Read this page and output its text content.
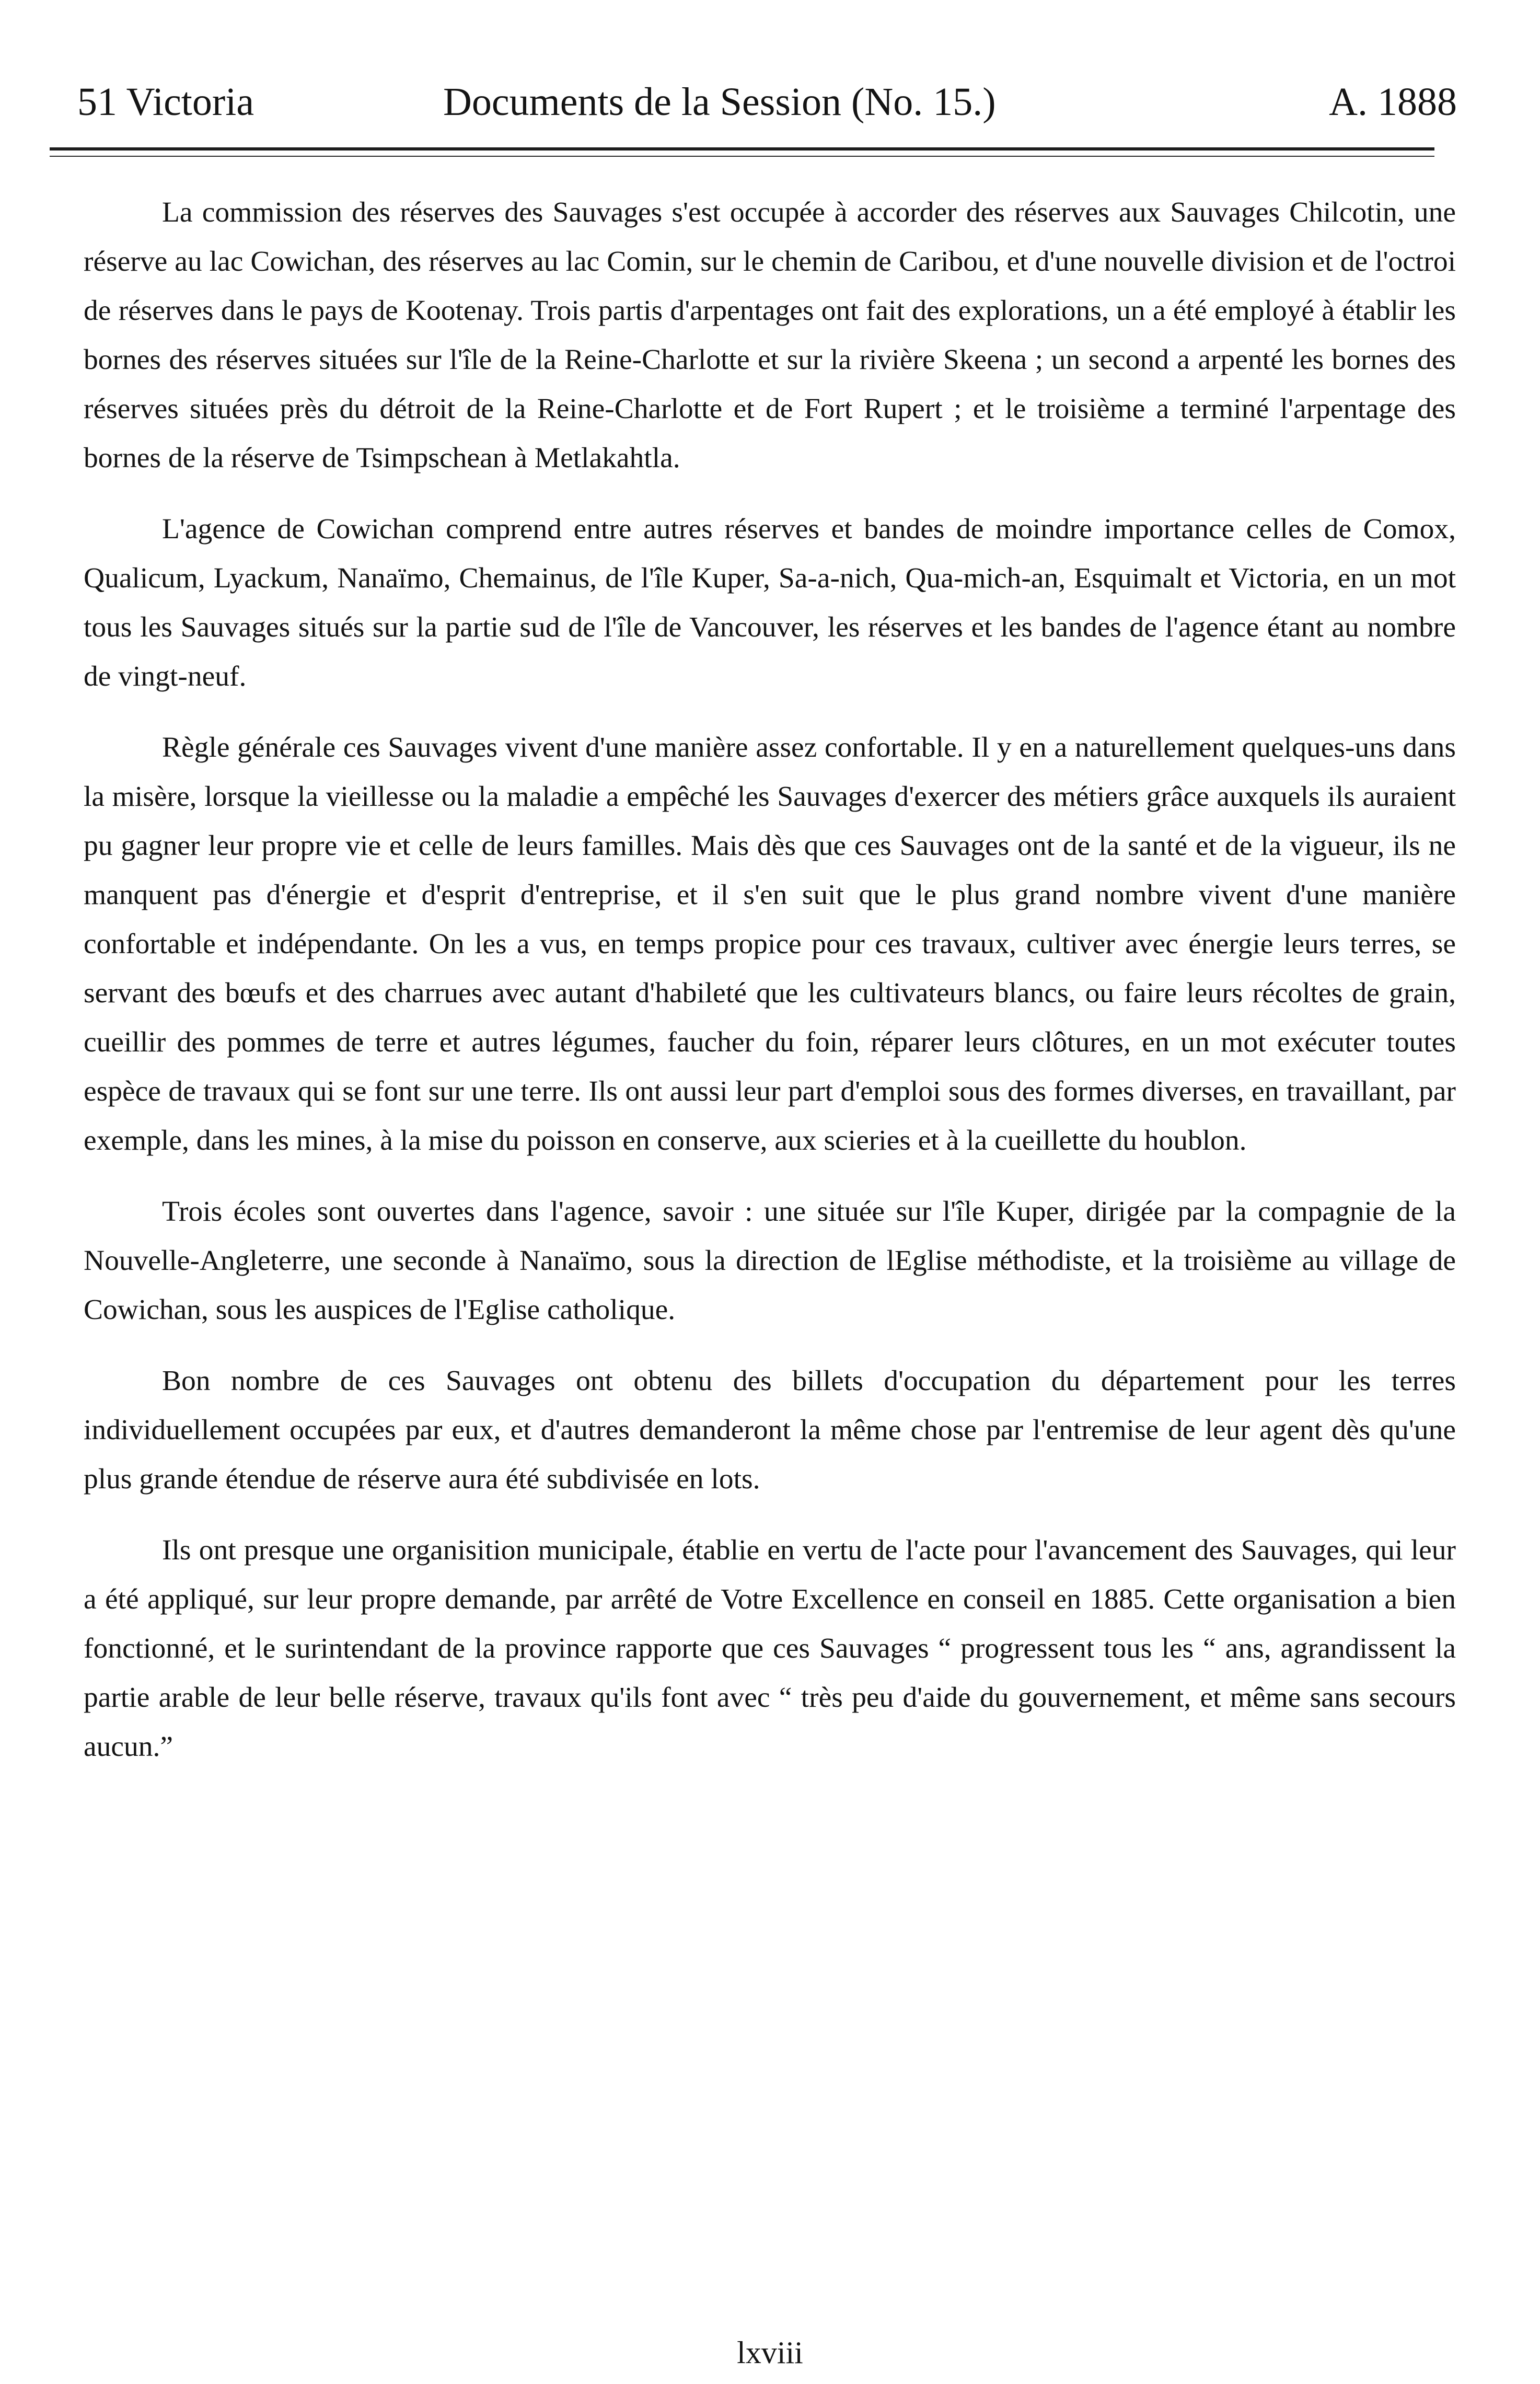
51 Victoria	Documents de la Session (No. 15.)	A. 1888

La commission des réserves des Sauvages s'est occupée à accorder des réserves aux Sauvages Chilcotin, une réserve au lac Cowichan, des réserves au lac Comin, sur le chemin de Caribou, et d'une nouvelle division et de l'octroi de réserves dans le pays de Kootenay. Trois partis d'arpentages ont fait des explorations, un a été employé à établir les bornes des réserves situées sur l'île de la Reine-Charlotte et sur la rivière Skeena ; un second a arpenté les bornes des réserves situées près du détroit de la Reine-Charlotte et de Fort Rupert ; et le troisième a terminé l'arpentage des bornes de la réserve de Tsimpschean à Metlakahtla.

L'agence de Cowichan comprend entre autres réserves et bandes de moindre importance celles de Comox, Qualicum, Lyackum, Nanaïmo, Chemainus, de l'île Kuper, Sa-a-nich, Qua-mich-an, Esquimalt et Victoria, en un mot tous les Sauvages situés sur la partie sud de l'île de Vancouver, les réserves et les bandes de l'agence étant au nombre de vingt-neuf.

Règle générale ces Sauvages vivent d'une manière assez confortable. Il y en a naturellement quelques-uns dans la misère, lorsque la vieillesse ou la maladie a empêché les Sauvages d'exercer des métiers grâce auxquels ils auraient pu gagner leur propre vie et celle de leurs familles. Mais dès que ces Sauvages ont de la santé et de la vigueur, ils ne manquent pas d'énergie et d'esprit d'entreprise, et il s'en suit que le plus grand nombre vivent d'une manière confortable et indépendante. On les a vus, en temps propice pour ces travaux, cultiver avec énergie leurs terres, se servant des bœufs et des charrues avec autant d'habileté que les cultivateurs blancs, ou faire leurs récoltes de grain, cueillir des pommes de terre et autres légumes, faucher du foin, réparer leurs clôtures, en un mot exécuter toutes espèce de travaux qui se font sur une terre. Ils ont aussi leur part d'emploi sous des formes diverses, en travaillant, par exemple, dans les mines, à la mise du poisson en conserve, aux scieries et à la cueillette du houblon.

Trois écoles sont ouvertes dans l'agence, savoir : une située sur l'île Kuper, dirigée par la compagnie de la Nouvelle-Angleterre, une seconde à Nanaïmo, sous la direction de lEglise méthodiste, et la troisième au village de Cowichan, sous les auspices de l'Eglise catholique.

Bon nombre de ces Sauvages ont obtenu des billets d'occupation du département pour les terres individuellement occupées par eux, et d'autres demanderont la même chose par l'entremise de leur agent dès qu'une plus grande étendue de réserve aura été subdivisée en lots.

Ils ont presque une organisition municipale, établie en vertu de l'acte pour l'avancement des Sauvages, qui leur a été appliqué, sur leur propre demande, par arrêté de Votre Excellence en conseil en 1885. Cette organisation a bien fonctionné, et le surintendant de la province rapporte que ces Sauvages “ progressent tous les “ ans, agrandissent la partie arable de leur belle réserve, travaux qu'ils font avec “ très peu d'aide du gouvernement, et même sans secours aucun.”

lxviii
